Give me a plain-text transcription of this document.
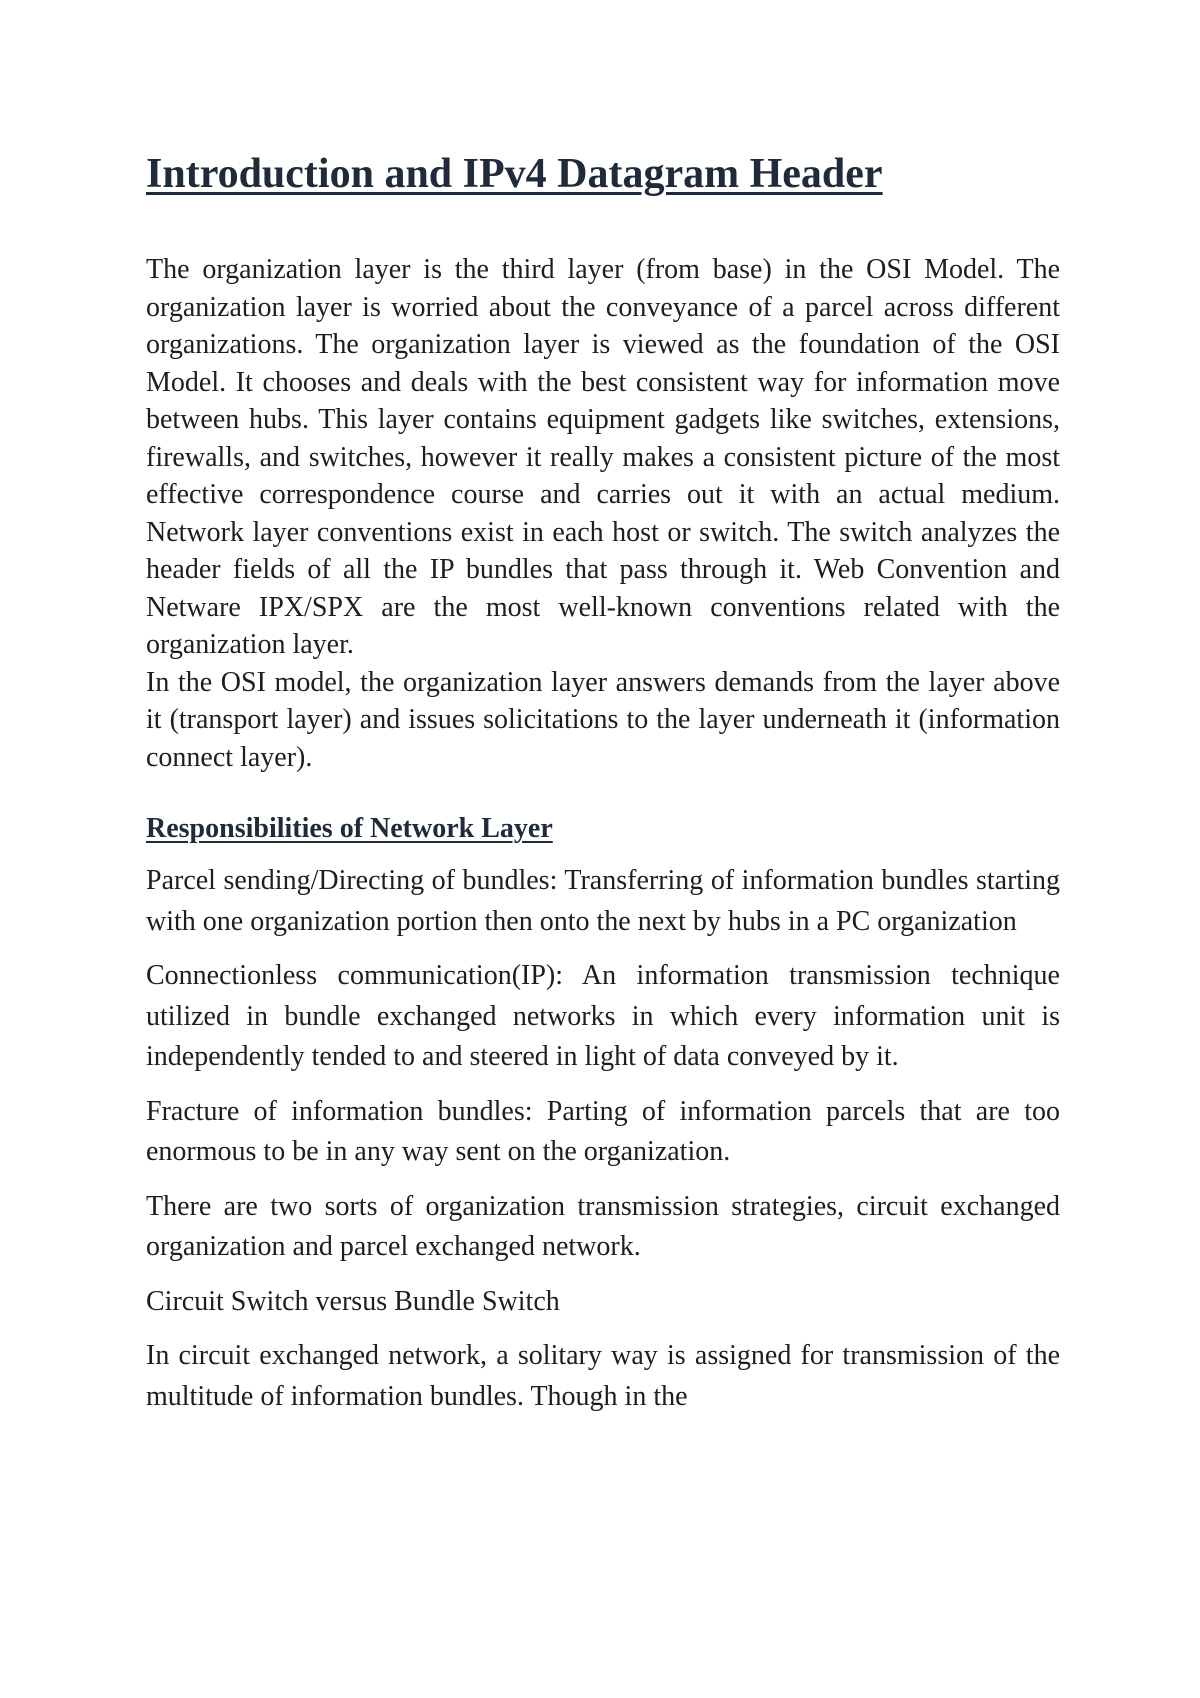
Introduction and IPv4 Datagram Header

The organization layer is the third layer (from base) in the OSI Model. The organization layer is worried about the conveyance of a parcel across different organizations. The organization layer is viewed as the foundation of the OSI Model. It chooses and deals with the best consistent way for information move between hubs. This layer contains equipment gadgets like switches, extensions, firewalls, and switches, however it really makes a consistent picture of the most effective correspondence course and carries out it with an actual medium. Network layer conventions exist in each host or switch. The switch analyzes the header fields of all the IP bundles that pass through it. Web Convention and Netware IPX/SPX are the most well-known conventions related with the organization layer.

In the OSI model, the organization layer answers demands from the layer above it (transport layer) and issues solicitations to the layer underneath it (information connect layer).

Responsibilities of Network Layer

Parcel sending/Directing of bundles: Transferring of information bundles starting with one organization portion then onto the next by hubs in a PC organization

Connectionless communication(IP): An information transmission technique utilized in bundle exchanged networks in which every information unit is independently tended to and steered in light of data conveyed by it.

Fracture of information bundles: Parting of information parcels that are too enormous to be in any way sent on the organization.

There are two sorts of organization transmission strategies, circuit exchanged organization and parcel exchanged network.

Circuit Switch versus Bundle Switch

In circuit exchanged network, a solitary way is assigned for transmission of the multitude of information bundles. Though in the
